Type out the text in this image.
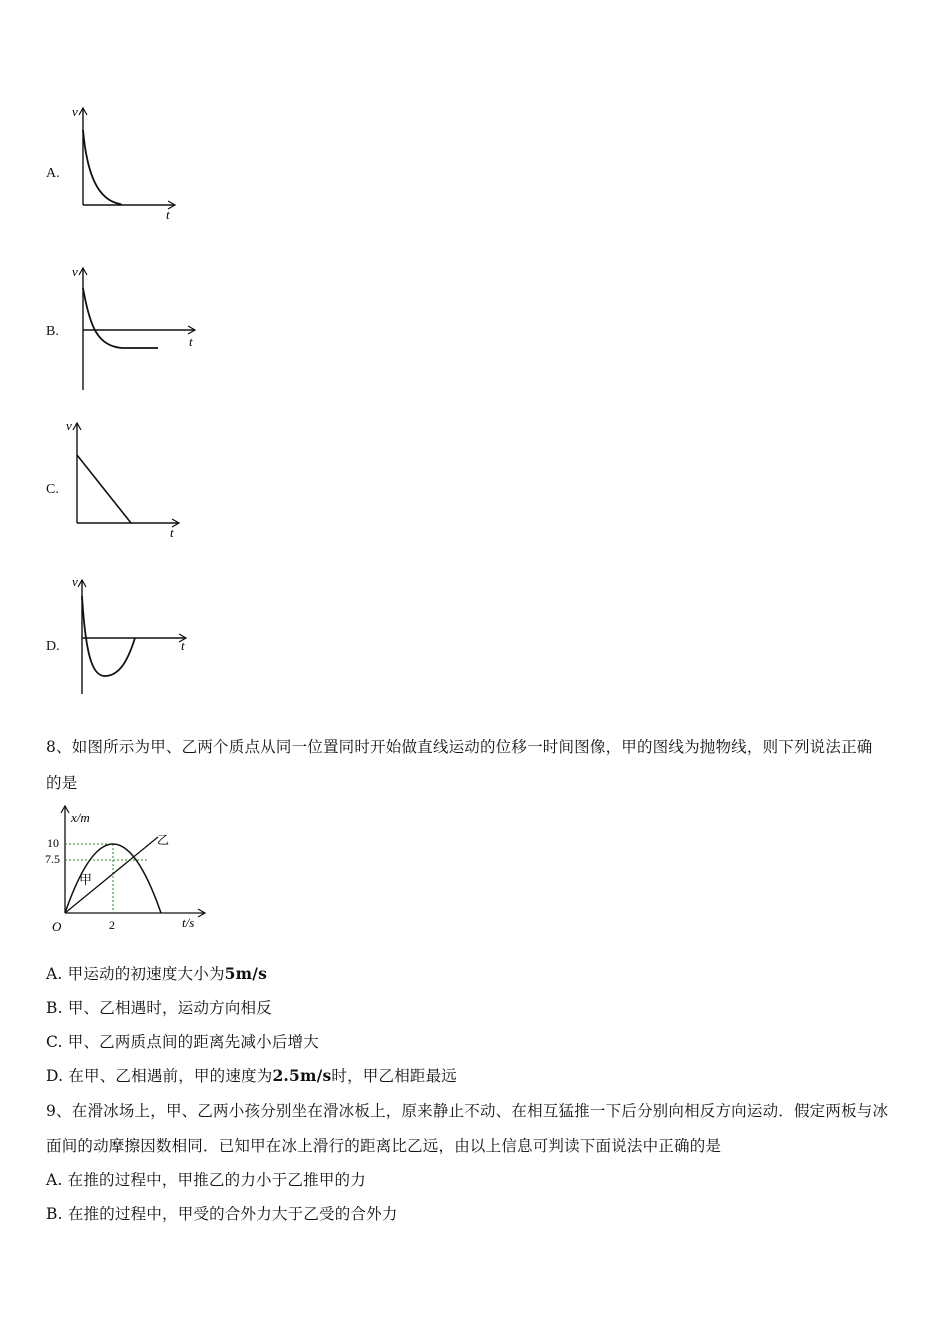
A.
v
t
B.
v
t
C.
v
t
D.
v
t
8、如图所示为甲、乙两个质点从同一位置同时开始做直线运动的位移一时间图像，甲的图线为抛物线，则下列说法正确
的是
x/m
t/s
O
10
7.5
2
甲
乙
A. 甲运动的初速度大小为5m/s
B. 甲、乙相遇时，运动方向相反
C. 甲、乙两质点间的距离先减小后增大
D. 在甲、乙相遇前，甲的速度为2.5m/s时，甲乙相距最远
9、在滑冰场上，甲、乙两小孩分别坐在滑冰板上，原来静止不动、在相互猛推一下后分别向相反方向运动．假定两板与冰
面间的动摩擦因数相同．已知甲在冰上滑行的距离比乙远，由以上信息可判读下面说法中正确的是
A. 在推的过程中，甲推乙的力小于乙推甲的力
B. 在推的过程中，甲受的合外力大于乙受的合外力
